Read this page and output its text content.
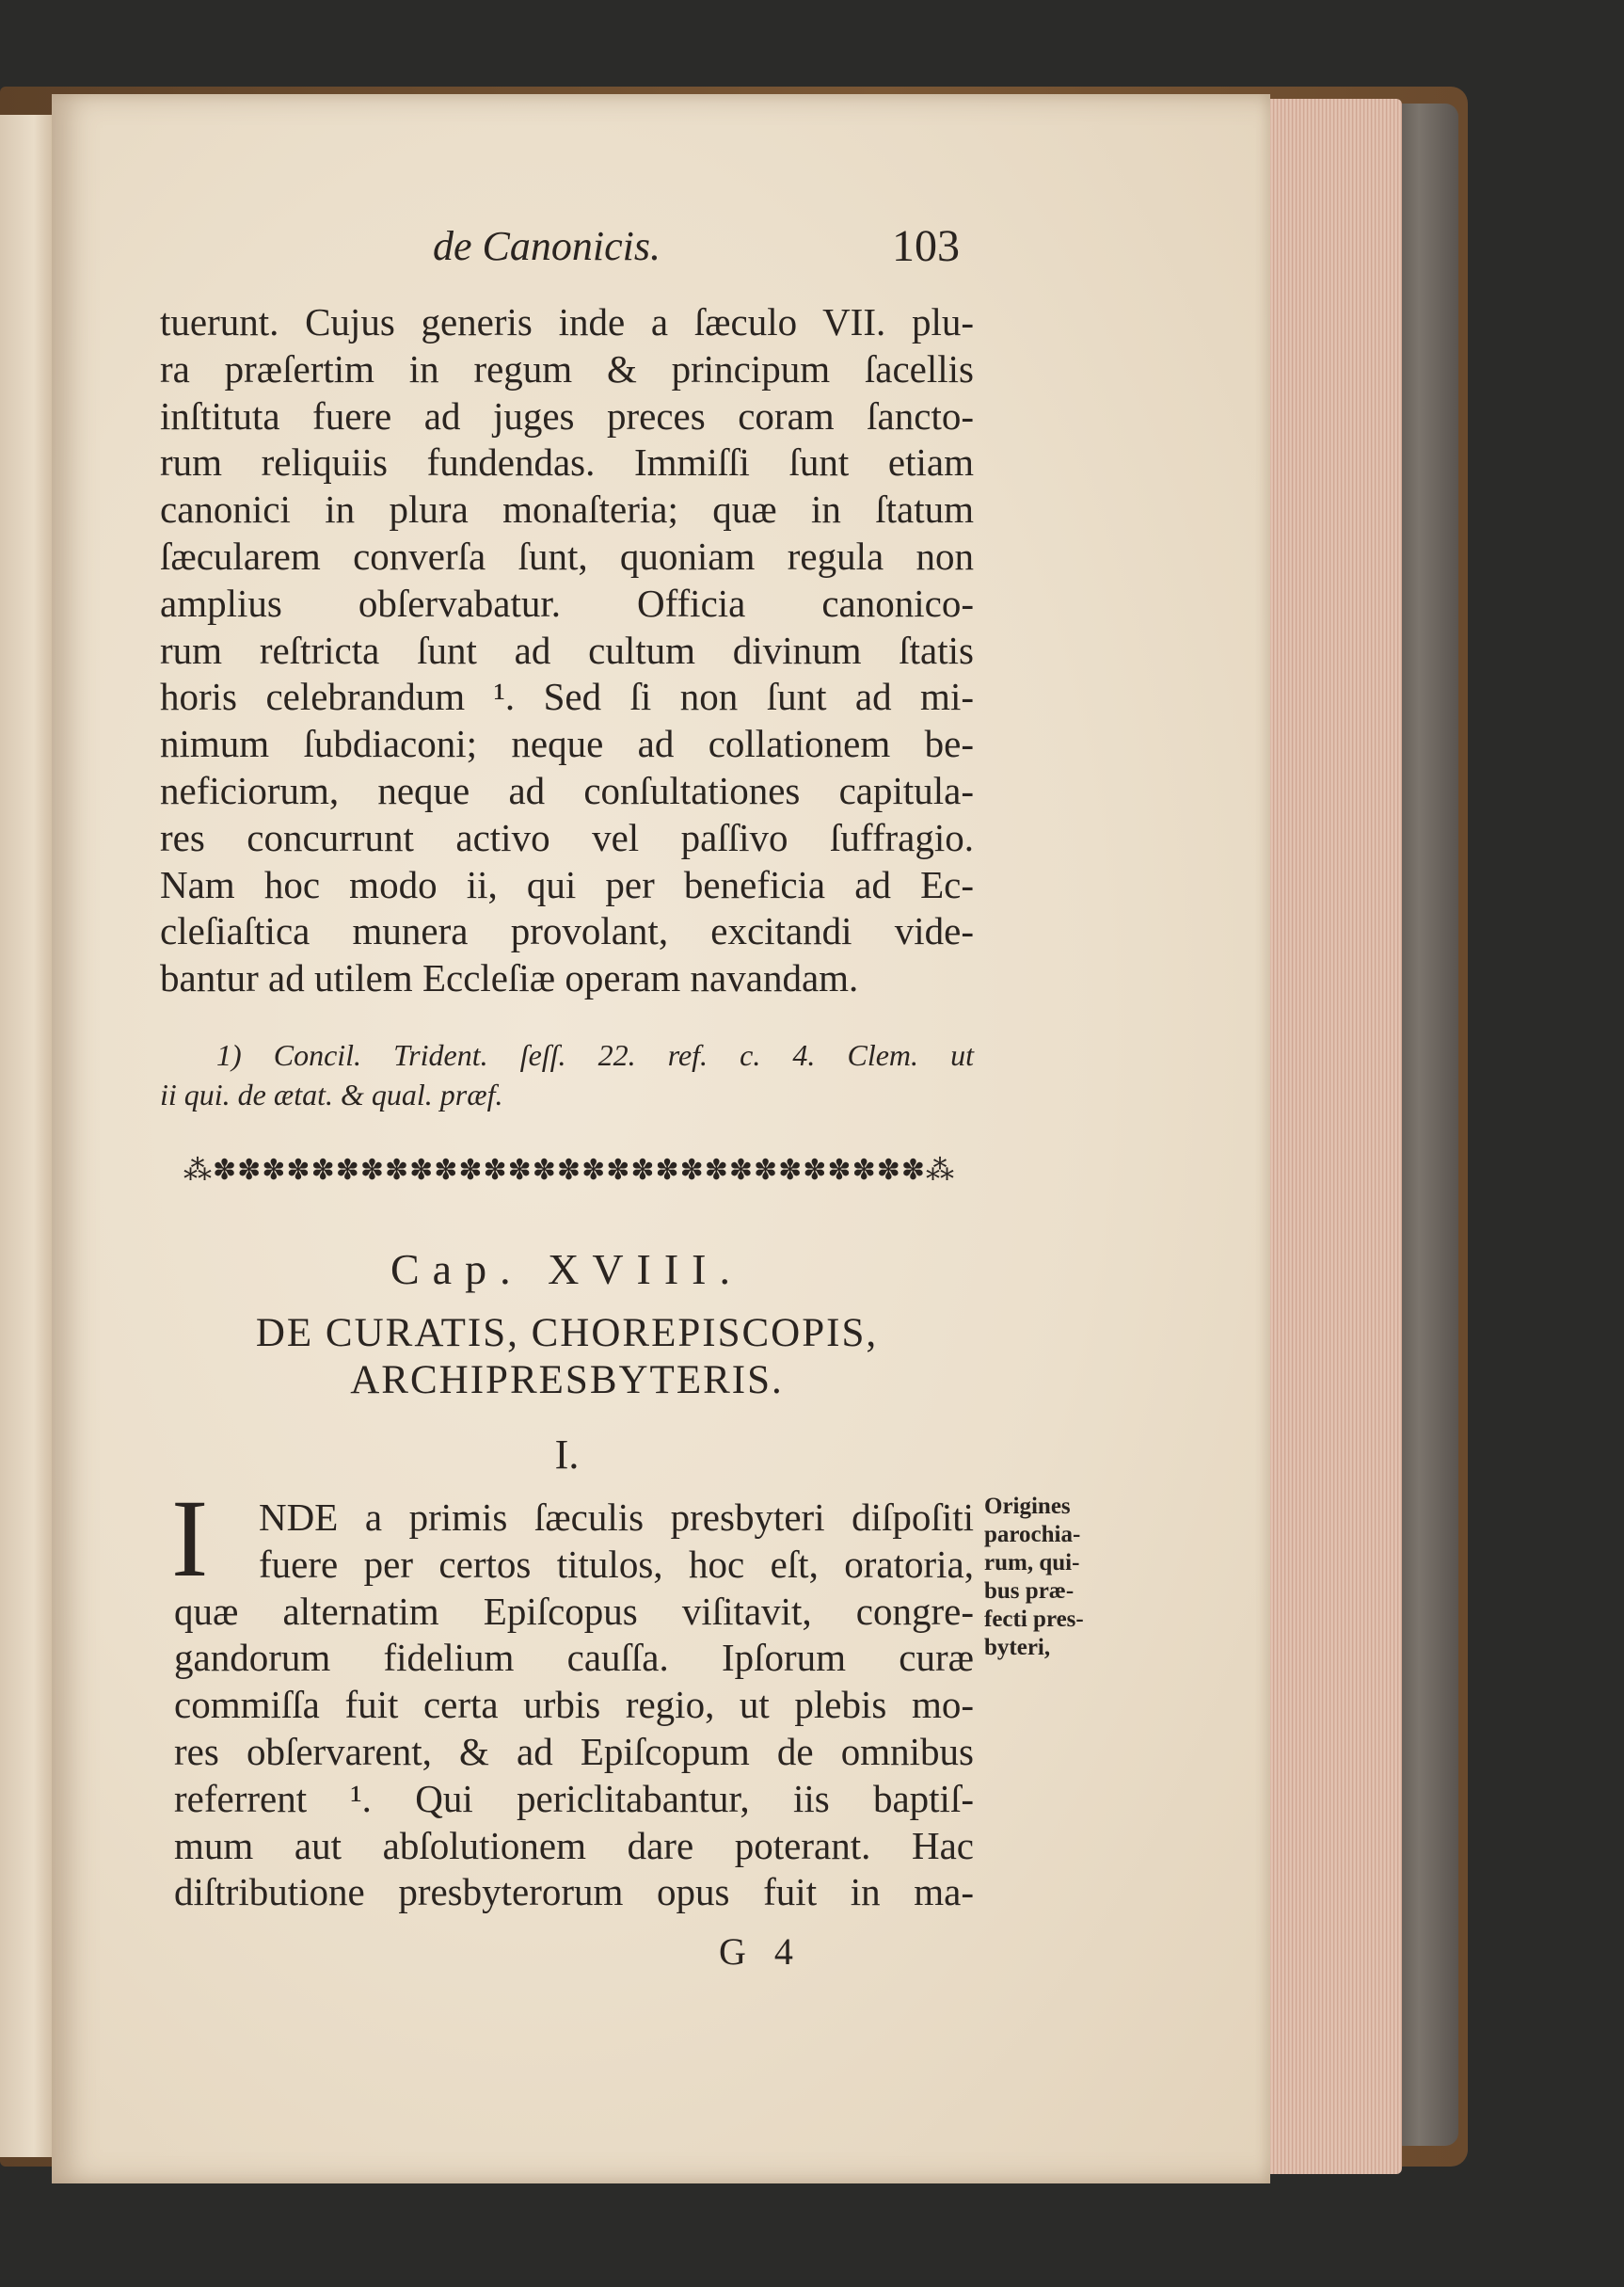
de Canonicis.	103
tuerunt. Cujus generis inde a ſæculo VII. plu-
ra præſertim in regum & principum ſacellis
inſtituta fuere ad juges preces coram ſancto-
rum reliquiis fundendas. Immiſſi ſunt etiam
canonici in plura monaſteria; quæ in ſtatum
ſæcularem converſa ſunt, quoniam regula non
amplius obſervabatur. Officia canonico-
rum reſtricta ſunt ad cultum divinum ſtatis
horis celebrandum ¹. Sed ſi non ſunt ad mi-
nimum ſubdiaconi; neque ad collationem be-
neficiorum, neque ad conſultationes capitula-
res concurrunt activo vel paſſivo ſuffragio.
Nam hoc modo ii, qui per beneficia ad Ec-
cleſiaſtica munera provolant, excitandi vide-
bantur ad utilem Eccleſiæ operam navandam.
1) Concil. Trident. ſeſſ. 22. ref. c. 4. Clem. ut
ii qui. de ætat. & qual. præf.
⁂✽✽✽✽✽✽✽✽✽✽✽✽✽✽✽✽✽✽✽✽✽✽✽✽✽✽✽✽✽⁂
Cap. XVIII.
DE CURATIS, CHOREPISCOPIS,
ARCHIPRESBYTERIS.
I.
I	NDE a primis ſæculis presbyteri diſpoſiti
fuere per certos titulos, hoc eſt, oratoria,
quæ alternatim Epiſcopus viſitavit, congre-
gandorum fidelium cauſſa. Ipſorum curæ
commiſſa fuit certa urbis regio, ut plebis mo-
res obſervarent, & ad Epiſcopum de omnibus
referrent ¹. Qui periclitabantur, iis baptiſ-
mum aut abſolutionem dare poterant. Hac
diſtributione presbyterorum opus fuit in ma-
Origines
parochia-
rum, qui-
bus præ-
fecti pres-
byteri,
G 4
